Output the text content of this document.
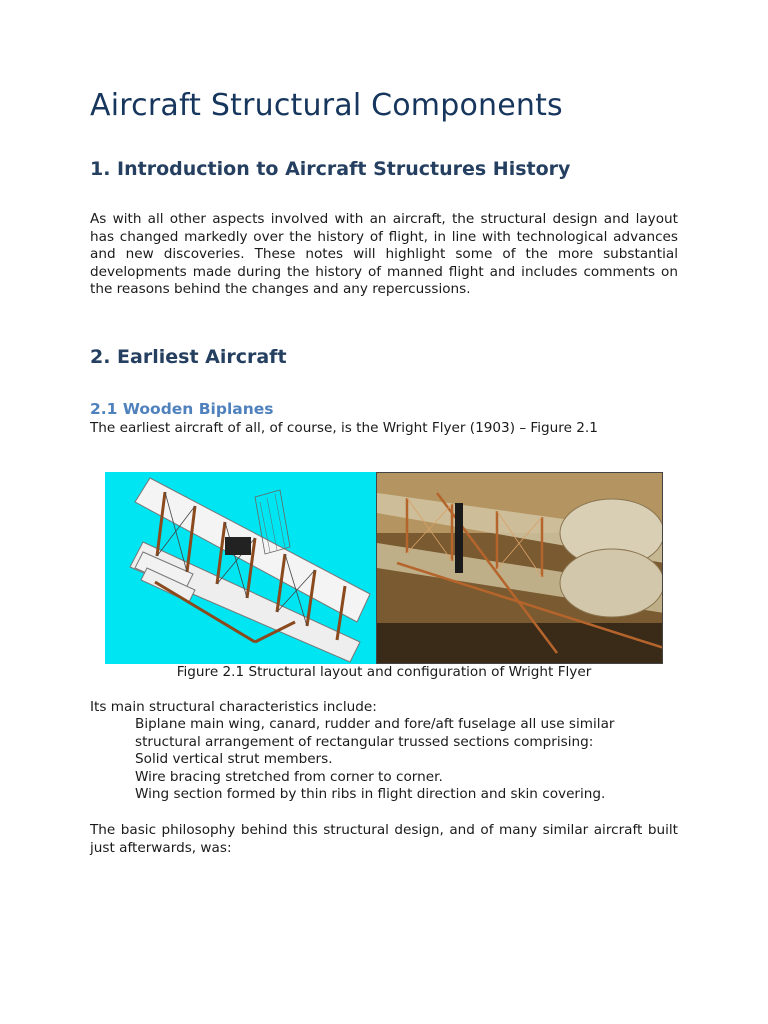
Aircraft Structural Components
1. Introduction to Aircraft Structures History

As with all other aspects involved with an aircraft, the structural design and layout has changed markedly over the history of flight, in line with technological advances and new discoveries. These notes will highlight some of the more substantial developments made during the history of manned flight and includes comments on the reasons behind the changes and any repercussions.

2. Earliest Aircraft
2.1 Wooden Biplanes

The earliest aircraft of all, of course, is the Wright Flyer (1903) – Figure 2.1

Figure 2.1 Structural layout and configuration of Wright Flyer

Its main structural characteristics include:

Biplane main wing, canard, rudder and fore/aft fuselage all use similar structural arrangement of rectangular trussed sections comprising:
Solid vertical strut members.
Wire bracing stretched from corner to corner.
Wing section formed by thin ribs in flight direction and skin covering.

The basic philosophy behind this structural design, and of many similar aircraft built just afterwards, was:
